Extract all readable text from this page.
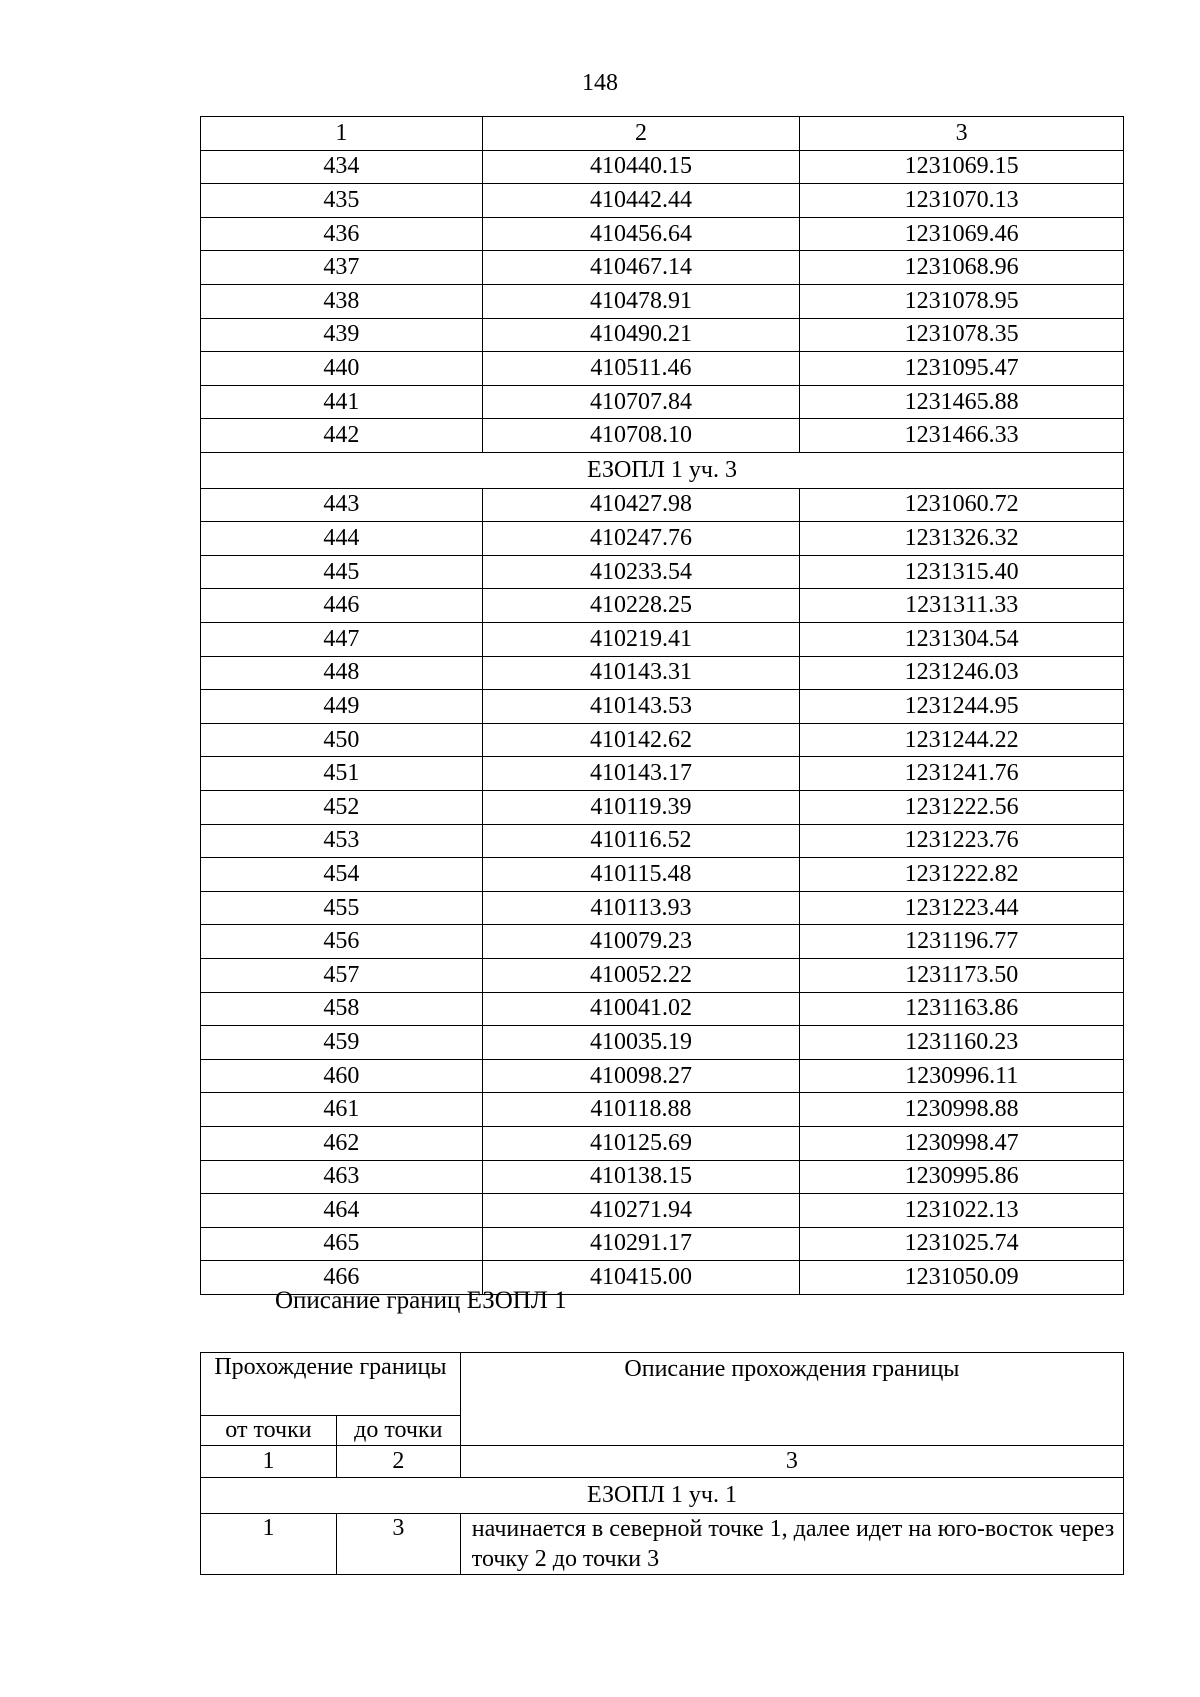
148
1	2	3
434	410440.15	1231069.15
435	410442.44	1231070.13
436	410456.64	1231069.46
437	410467.14	1231068.96
438	410478.91	1231078.95
439	410490.21	1231078.35
440	410511.46	1231095.47
441	410707.84	1231465.88
442	410708.10	1231466.33
ЕЗОПЛ 1 уч. 3		
443	410427.98	1231060.72
444	410247.76	1231326.32
445	410233.54	1231315.40
446	410228.25	1231311.33
447	410219.41	1231304.54
448	410143.31	1231246.03
449	410143.53	1231244.95
450	410142.62	1231244.22
451	410143.17	1231241.76
452	410119.39	1231222.56
453	410116.52	1231223.76
454	410115.48	1231222.82
455	410113.93	1231223.44
456	410079.23	1231196.77
457	410052.22	1231173.50
458	410041.02	1231163.86
459	410035.19	1231160.23
460	410098.27	1230996.11
461	410118.88	1230998.88
462	410125.69	1230998.47
463	410138.15	1230995.86
464	410271.94	1231022.13
465	410291.17	1231025.74
466	410415.00	1231050.09
Описание границ ЕЗОПЛ 1
Прохождение границы		Описание прохождения границы
от точки	до точки	
1	2	3
ЕЗОПЛ 1 уч. 1		
1	3	начинается в северной точке 1, далее идет на юго-восток через точку 2 до точки 3
